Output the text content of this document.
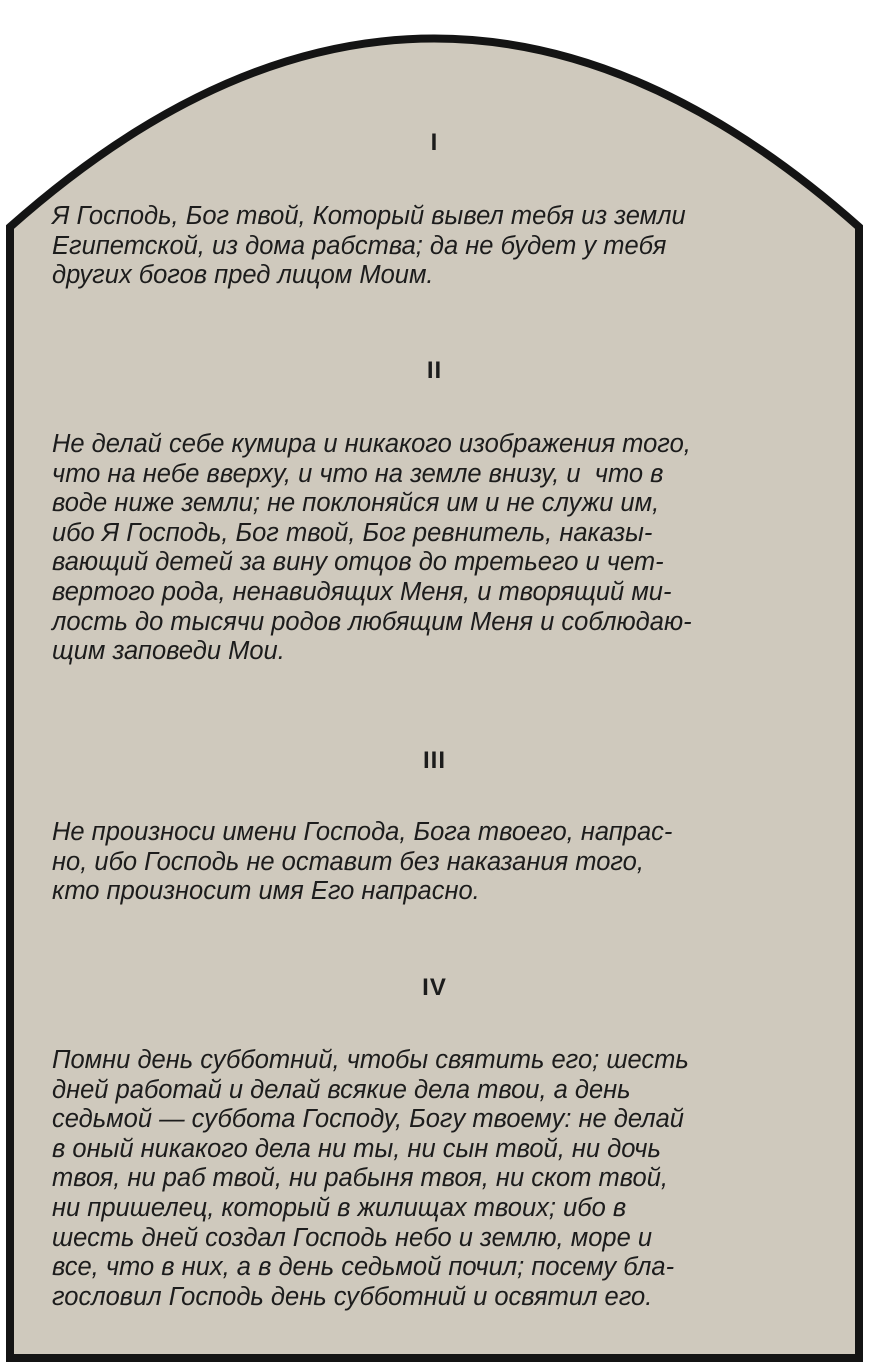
I
Я Господь, Бог твой, Который вывел тебя из земли
Египетской, из дома рабства; да не будет у тебя
других богов пред лицом Моим.
II
Не делай себе кумира и никакого изображения того,
что на небе вверху, и что на земле внизу, и  что в
воде ниже земли; не поклоняйся им и не служи им,
ибо Я Господь, Бог твой, Бог ревнитель, наказы-
вающий детей за вину отцов до третьего и чет-
вертого рода, ненавидящих Меня, и творящий ми-
лость до тысячи родов любящим Меня и соблюдаю-
щим заповеди Мои.
III
Не произноси имени Господа, Бога твоего, напрас-
но, ибо Господь не оставит без наказания того,
кто произносит имя Его напрасно.
IV
Помни день субботний, чтобы святить его; шесть
дней работай и делай всякие дела твои, а день
седьмой — суббота Господу, Богу твоему: не делай
в оный никакого дела ни ты, ни сын твой, ни дочь
твоя, ни раб твой, ни рабыня твоя, ни скот твой,
ни пришелец, который в жилищах твоих; ибо в
шесть дней создал Господь небо и землю, море и
все, что в них, а в день седьмой почил; посему бла-
гословил Господь день субботний и освятил его.
